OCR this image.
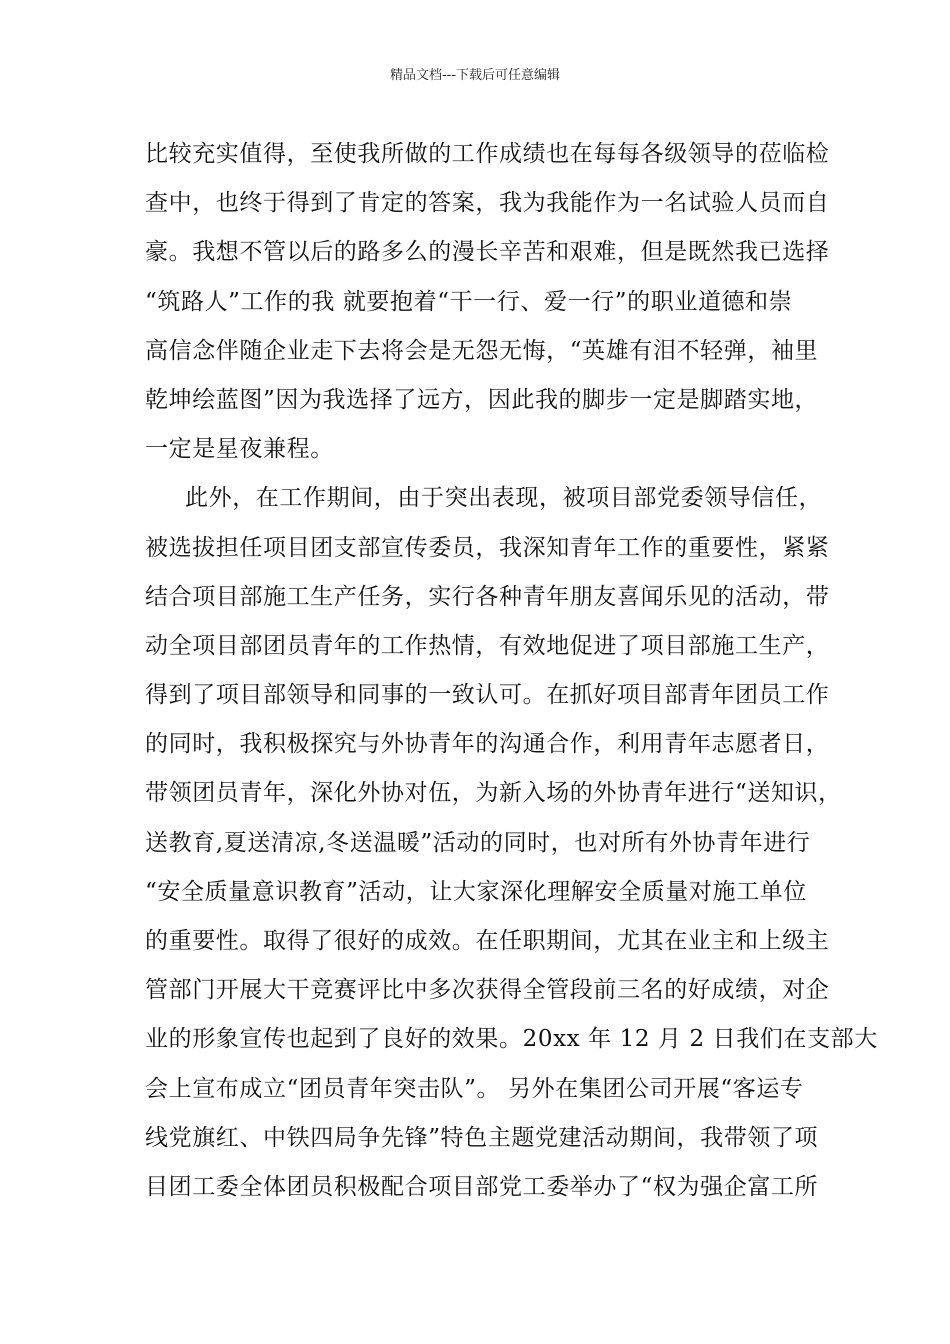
精品文档---下载后可任意编辑
比较充实值得，至使我所做的工作成绩也在每每各级领导的莅临检
查中，也终于得到了肯定的答案，我为我能作为一名试验人员而自
豪。我想不管以后的路多么的漫长辛苦和艰难，但是既然我已选择
“筑路人”工作的我 就要抱着“干一行、爱一行”的职业道德和崇
高信念伴随企业走下去将会是无怨无悔，“英雄有泪不轻弹，袖里
乾坤绘蓝图”因为我选择了远方，因此我的脚步一定是脚踏实地，
一定是星夜兼程。
此外，在工作期间，由于突出表现，被项目部党委领导信任，
被选拔担任项目团支部宣传委员，我深知青年工作的重要性，紧紧
结合项目部施工生产任务，实行各种青年朋友喜闻乐见的活动，带
动全项目部团员青年的工作热情，有效地促进了项目部施工生产，
得到了项目部领导和同事的一致认可。在抓好项目部青年团员工作
的同时，我积极探究与外协青年的沟通合作，利用青年志愿者日，
带领团员青年，深化外协对伍，为新入场的外协青年进行“送知识，
送教育,夏送清凉,冬送温暖”活动的同时，也对所有外协青年进行
“安全质量意识教育”活动，让大家深化理解安全质量对施工单位
的重要性。取得了很好的成效。在任职期间，尤其在业主和上级主
管部门开展大干竞赛评比中多次获得全管段前三名的好成绩，对企
业的形象宣传也起到了良好的效果。20xx 年 12 月 2 日我们在支部大
会上宣布成立“团员青年突击队”。 另外在集团公司开展“客运专
线党旗红、中铁四局争先锋”特色主题党建活动期间，我带领了项
目团工委全体团员积极配合项目部党工委举办了“权为强企富工所
